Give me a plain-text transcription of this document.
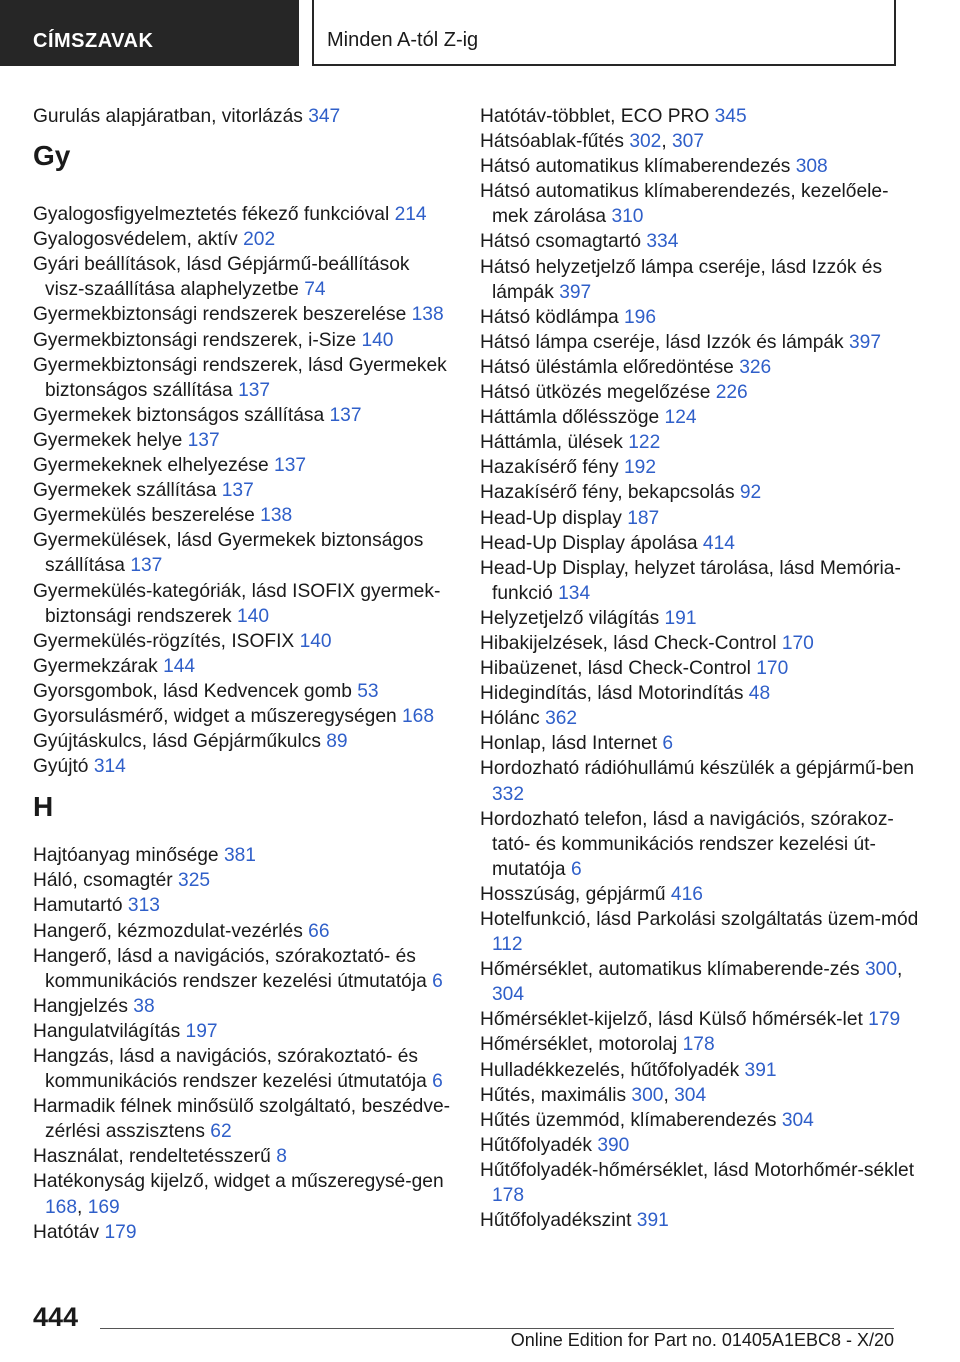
CÍMSZAVAK	Minden A-tól Z-ig
Gurulás alapjáratban, vitorlázás 347
Gy
Gyalogosfigyelmeztetés fékező funkcióval 214
Gyalogosvédelem, aktív 202
Gyári beállítások, lásd Gépjármű-beállítások visz-szaállítása alaphelyzetbe 74
Gyermekbiztonsági rendszerek beszerelése 138
Gyermekbiztonsági rendszerek, i-Size 140
Gyermekbiztonsági rendszerek, lásd Gyermekek biztonságos szállítása 137
Gyermekek biztonságos szállítása 137
Gyermekek helye 137
Gyermekeknek elhelyezése 137
Gyermekek szállítása 137
Gyermekülés beszerelése 138
Gyermekülések, lásd Gyermekek biztonságos szállítása 137
Gyermekülés-kategóriák, lásd ISOFIX gyermek-biztonsági rendszerek 140
Gyermekülés-rögzítés, ISOFIX 140
Gyermekzárak 144
Gyorsgombok, lásd Kedvencek gomb 53
Gyorsulásmérő, widget a műszeregységen 168
Gyújtáskulcs, lásd Gépjárműkulcs 89
Gyújtó 314
H
Hajtóanyag minősége 381
Háló, csomagtér 325
Hamutartó 313
Hangerő, kézmozdulat-vezérlés 66
Hangerő, lásd a navigációs, szórakoztató- és kommunikációs rendszer kezelési útmutatója 6
Hangjelzés 38
Hangulatvilágítás 197
Hangzás, lásd a navigációs, szórakoztató- és kommunikációs rendszer kezelési útmutatója 6
Harmadik félnek minősülő szolgáltató, beszédve-zérlési asszisztens 62
Használat, rendeltetésszerű 8
Hatékonyság kijelző, widget a műszeregysé-gen 168, 169
Hatótáv 179
Hatótáv-többlet, ECO PRO 345
Hátsóablak-fűtés 302, 307
Hátsó automatikus klímaberendezés 308
Hátsó automatikus klímaberendezés, kezelőele-mek zárolása 310
Hátsó csomagtartó 334
Hátsó helyzetjelző lámpa cseréje, lásd Izzók és lámpák 397
Hátsó ködlámpa 196
Hátsó lámpa cseréje, lásd Izzók és lámpák 397
Hátsó üléstámla előredöntése 326
Hátsó ütközés megelőzése 226
Háttámla dőlésszöge 124
Háttámla, ülések 122
Hazakísérő fény 192
Hazakísérő fény, bekapcsolás 92
Head-Up display 187
Head-Up Display ápolása 414
Head-Up Display, helyzet tárolása, lásd Memória-funkció 134
Helyzetjelző világítás 191
Hibakijelzések, lásd Check-Control 170
Hibaüzenet, lásd Check-Control 170
Hidegindítás, lásd Motorindítás 48
Hólánc 362
Honlap, lásd Internet 6
Hordozható rádióhullámú készülék a gépjármű-ben 332
Hordozható telefon, lásd a navigációs, szórakoz-tató- és kommunikációs rendszer kezelési út-mutatója 6
Hosszúság, gépjármű 416
Hotelfunkció, lásd Parkolási szolgáltatás üzem-mód 112
Hőmérséklet, automatikus klímaberende-zés 300, 304
Hőmérséklet-kijelző, lásd Külső hőmérsék-let 179
Hőmérséklet, motorolaj 178
Hulladékkezelés, hűtőfolyadék 391
Hűtés, maximális 300, 304
Hűtés üzemmód, klímaberendezés 304
Hűtőfolyadék 390
Hűtőfolyadék-hőmérséklet, lásd Motorhőmér-séklet 178
Hűtőfolyadékszint 391
444
Online Edition for Part no. 01405A1EBC8 - X/20
